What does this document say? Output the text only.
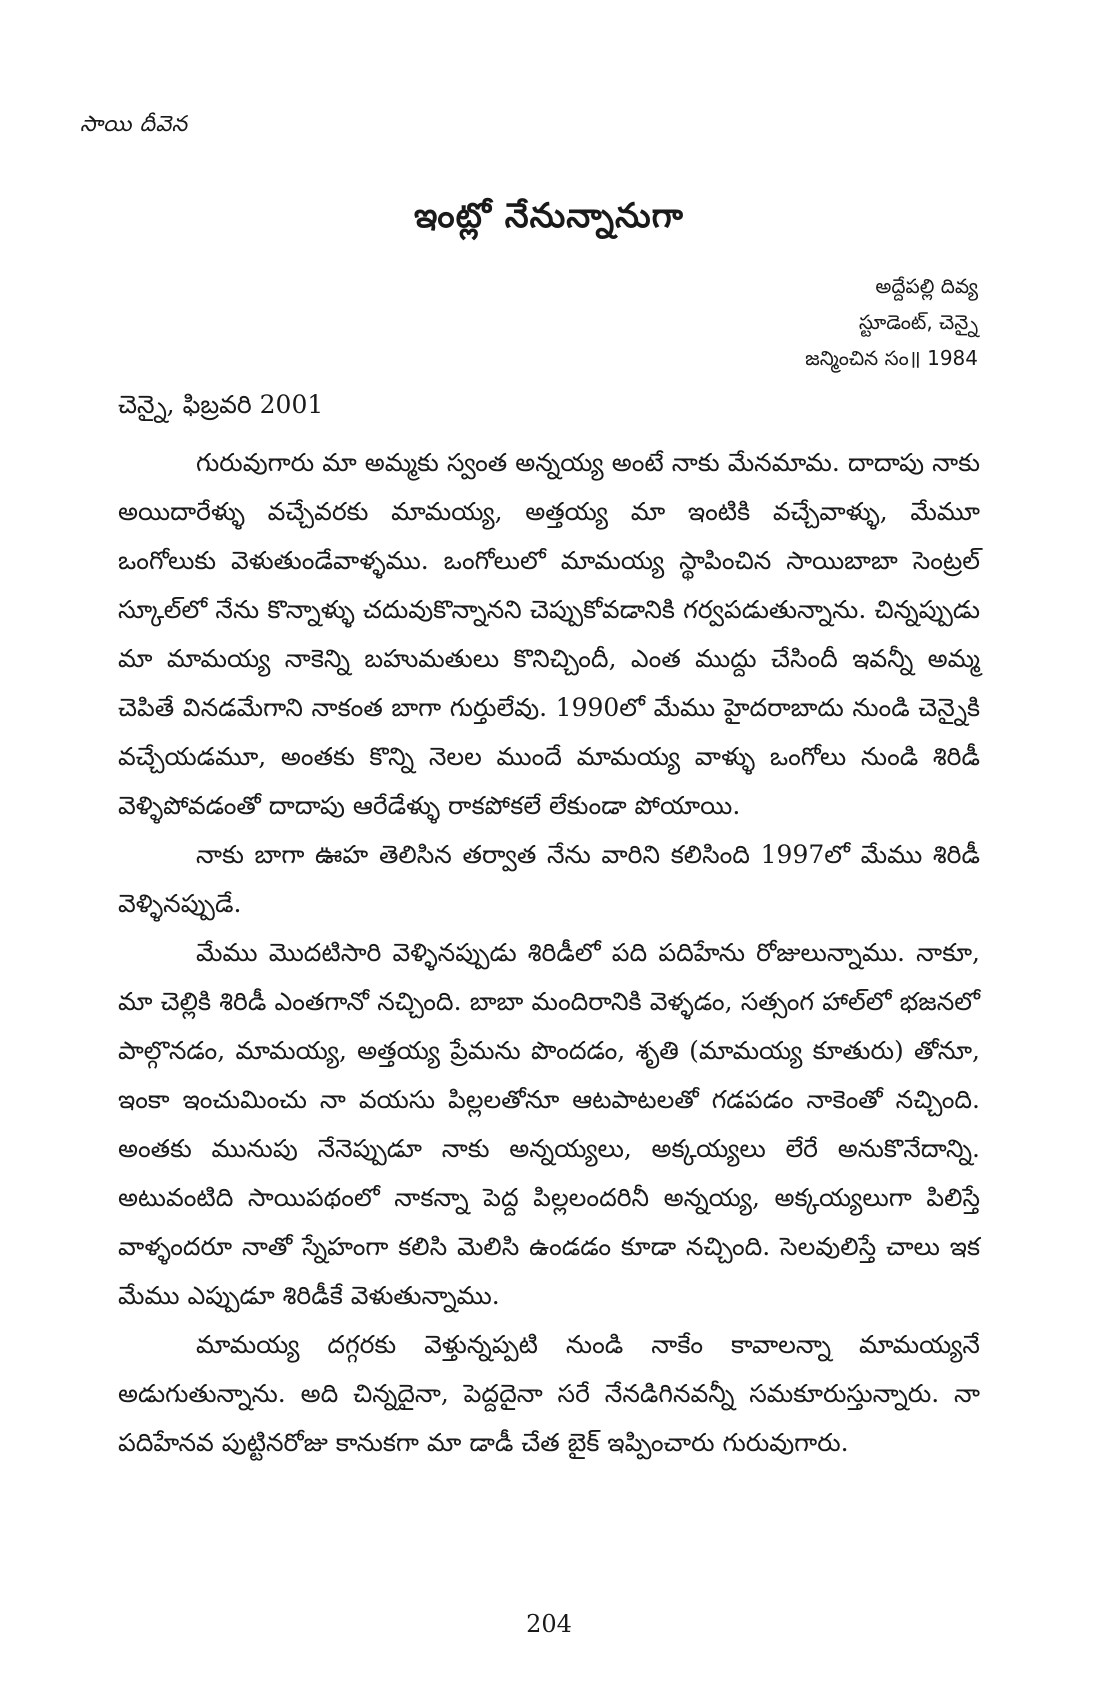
సాయి దీవెన
ఇంట్లో నేనున్నానుగా
అద్దేపల్లి దివ్య
స్టూడెంట్, చెన్నై
జన్మించిన సం॥ 1984
చెన్నై, ఫిబ్రవరి 2001

గురువుగారు మా అమ్మకు స్వంత అన్నయ్య అంటే నాకు మేనమామ. దాదాపు నాకు అయిదారేళ్ళు వచ్చేవరకు మామయ్య, అత్తయ్య మా ఇంటికి వచ్చేవాళ్ళు, మేమూ ఒంగోలుకు వెళుతుండేవాళ్ళము. ఒంగోలులో మామయ్య స్థాపించిన సాయిబాబా సెంట్రల్ స్కూల్‌లో నేను కొన్నాళ్ళు చదువుకొన్నానని చెప్పుకోవడానికి గర్వపడుతున్నాను. చిన్నప్పుడు మా మామయ్య నాకెన్ని బహుమతులు కొనిచ్చిందీ, ఎంత ముద్దు చేసిందీ ఇవన్నీ అమ్మ చెపితే వినడమేగాని నాకంత బాగా గుర్తులేవు. 1990లో మేము హైదరాబాదు నుండి చెన్నైకి వచ్చేయడమూ, అంతకు కొన్ని నెలల ముందే మామయ్య వాళ్ళు ఒంగోలు నుండి శిరిడీ వెళ్ళిపోవడంతో దాదాపు ఆరేడేళ్ళు రాకపోకలే లేకుండా పోయాయి.

నాకు బాగా ఊహ తెలిసిన తర్వాత నేను వారిని కలిసింది 1997లో మేము శిరిడీ వెళ్ళినప్పుడే.

మేము మొదటిసారి వెళ్ళినప్పుడు శిరిడీలో పది పదిహేను రోజులున్నాము. నాకూ, మా చెల్లికి శిరిడీ ఎంతగానో నచ్చింది. బాబా మందిరానికి వెళ్ళడం, సత్సంగ హాల్‌లో భజనలో పాల్గొనడం, మామయ్య, అత్తయ్య ప్రేమను పొందడం, శృతి (మామయ్య కూతురు) తోనూ, ఇంకా ఇంచుమించు నా వయసు పిల్లలతోనూ ఆటపాటలతో గడపడం నాకెంతో నచ్చింది. అంతకు మునుపు నేనెప్పుడూ నాకు అన్నయ్యలు, అక్కయ్యలు లేరే అనుకొనేదాన్ని. అటువంటిది సాయిపథంలో నాకన్నా పెద్ద పిల్లలందరినీ అన్నయ్య, అక్కయ్యలుగా పిలిస్తే వాళ్ళందరూ నాతో స్నేహంగా కలిసి మెలిసి ఉండడం కూడా నచ్చింది. సెలవులిస్తే చాలు ఇక మేము ఎప్పుడూ శిరిడీకే వెళుతున్నాము.

మామయ్య దగ్గరకు వెళ్తున్నప్పటి నుండి నాకేం కావాలన్నా మామయ్యనే అడుగుతున్నాను. అది చిన్నదైనా, పెద్దదైనా సరే నేనడిగినవన్నీ సమకూరుస్తున్నారు. నా పదిహేనవ పుట్టినరోజు కానుకగా మా డాడీ చేత బైక్ ఇప్పించారు గురువుగారు.

204
